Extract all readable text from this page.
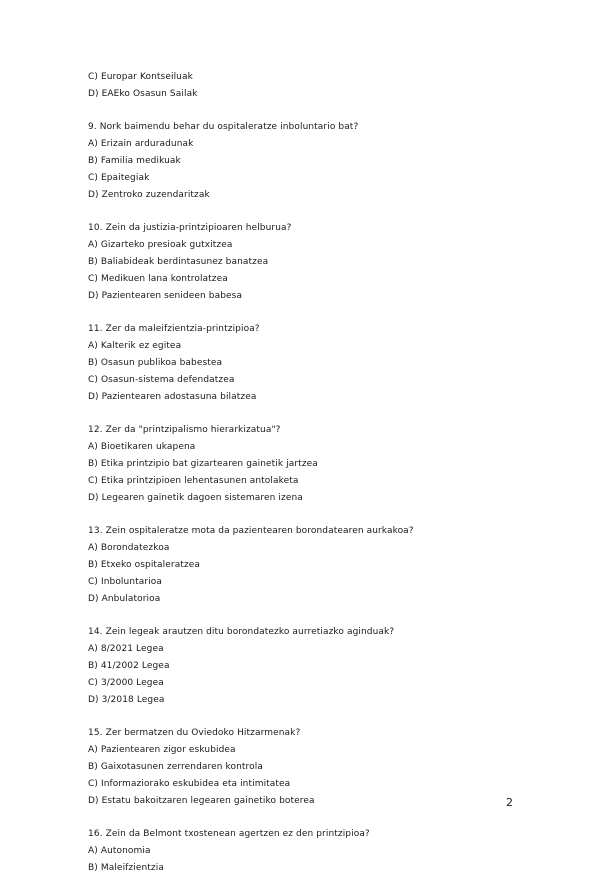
C) Europar Kontseiluak
D) EAEko Osasun Sailak
9. Nork baimendu behar du ospitaleratze inboluntario bat?
A) Erizain arduradunak
B) Familia medikuak
C) Epaitegiak
D) Zentroko zuzendaritzak
10. Zein da justizia-printzipioaren helburua?
A) Gizarteko presioak gutxitzea
B) Baliabideak berdintasunez banatzea
C) Medikuen lana kontrolatzea
D) Pazientearen senideen babesa
11. Zer da maleifzientzia-printzipioa?
A) Kalterik ez egitea
B) Osasun publikoa babestea
C) Osasun-sistema defendatzea
D) Pazientearen adostasuna bilatzea
12. Zer da "printzipalismo hierarkizatua"?
A) Bioetikaren ukapena
B) Etika printzipio bat gizartearen gainetik jartzea
C) Etika printzipioen lehentasunen antolaketa
D) Legearen gainetik dagoen sistemaren izena
13. Zein ospitaleratze mota da pazientearen borondatearen aurkakoa?
A) Borondatezkoa
B) Etxeko ospitaleratzea
C) Inboluntarioa
D) Anbulatorioa
14. Zein legeak arautzen ditu borondatezko aurretiazko aginduak?
A) 8/2021 Legea
B) 41/2002 Legea
C) 3/2000 Legea
D) 3/2018 Legea
15. Zer bermatzen du Oviedoko Hitzarmenak?
A) Pazientearen zigor eskubidea
B) Gaixotasunen zerrendaren kontrola
C) Informaziorako eskubidea eta intimitatea
D) Estatu bakoitzaren legearen gainetiko boterea
16. Zein da Belmont txostenean agertzen ez den printzipioa?
A) Autonomia
B) Maleifzientzia
2
